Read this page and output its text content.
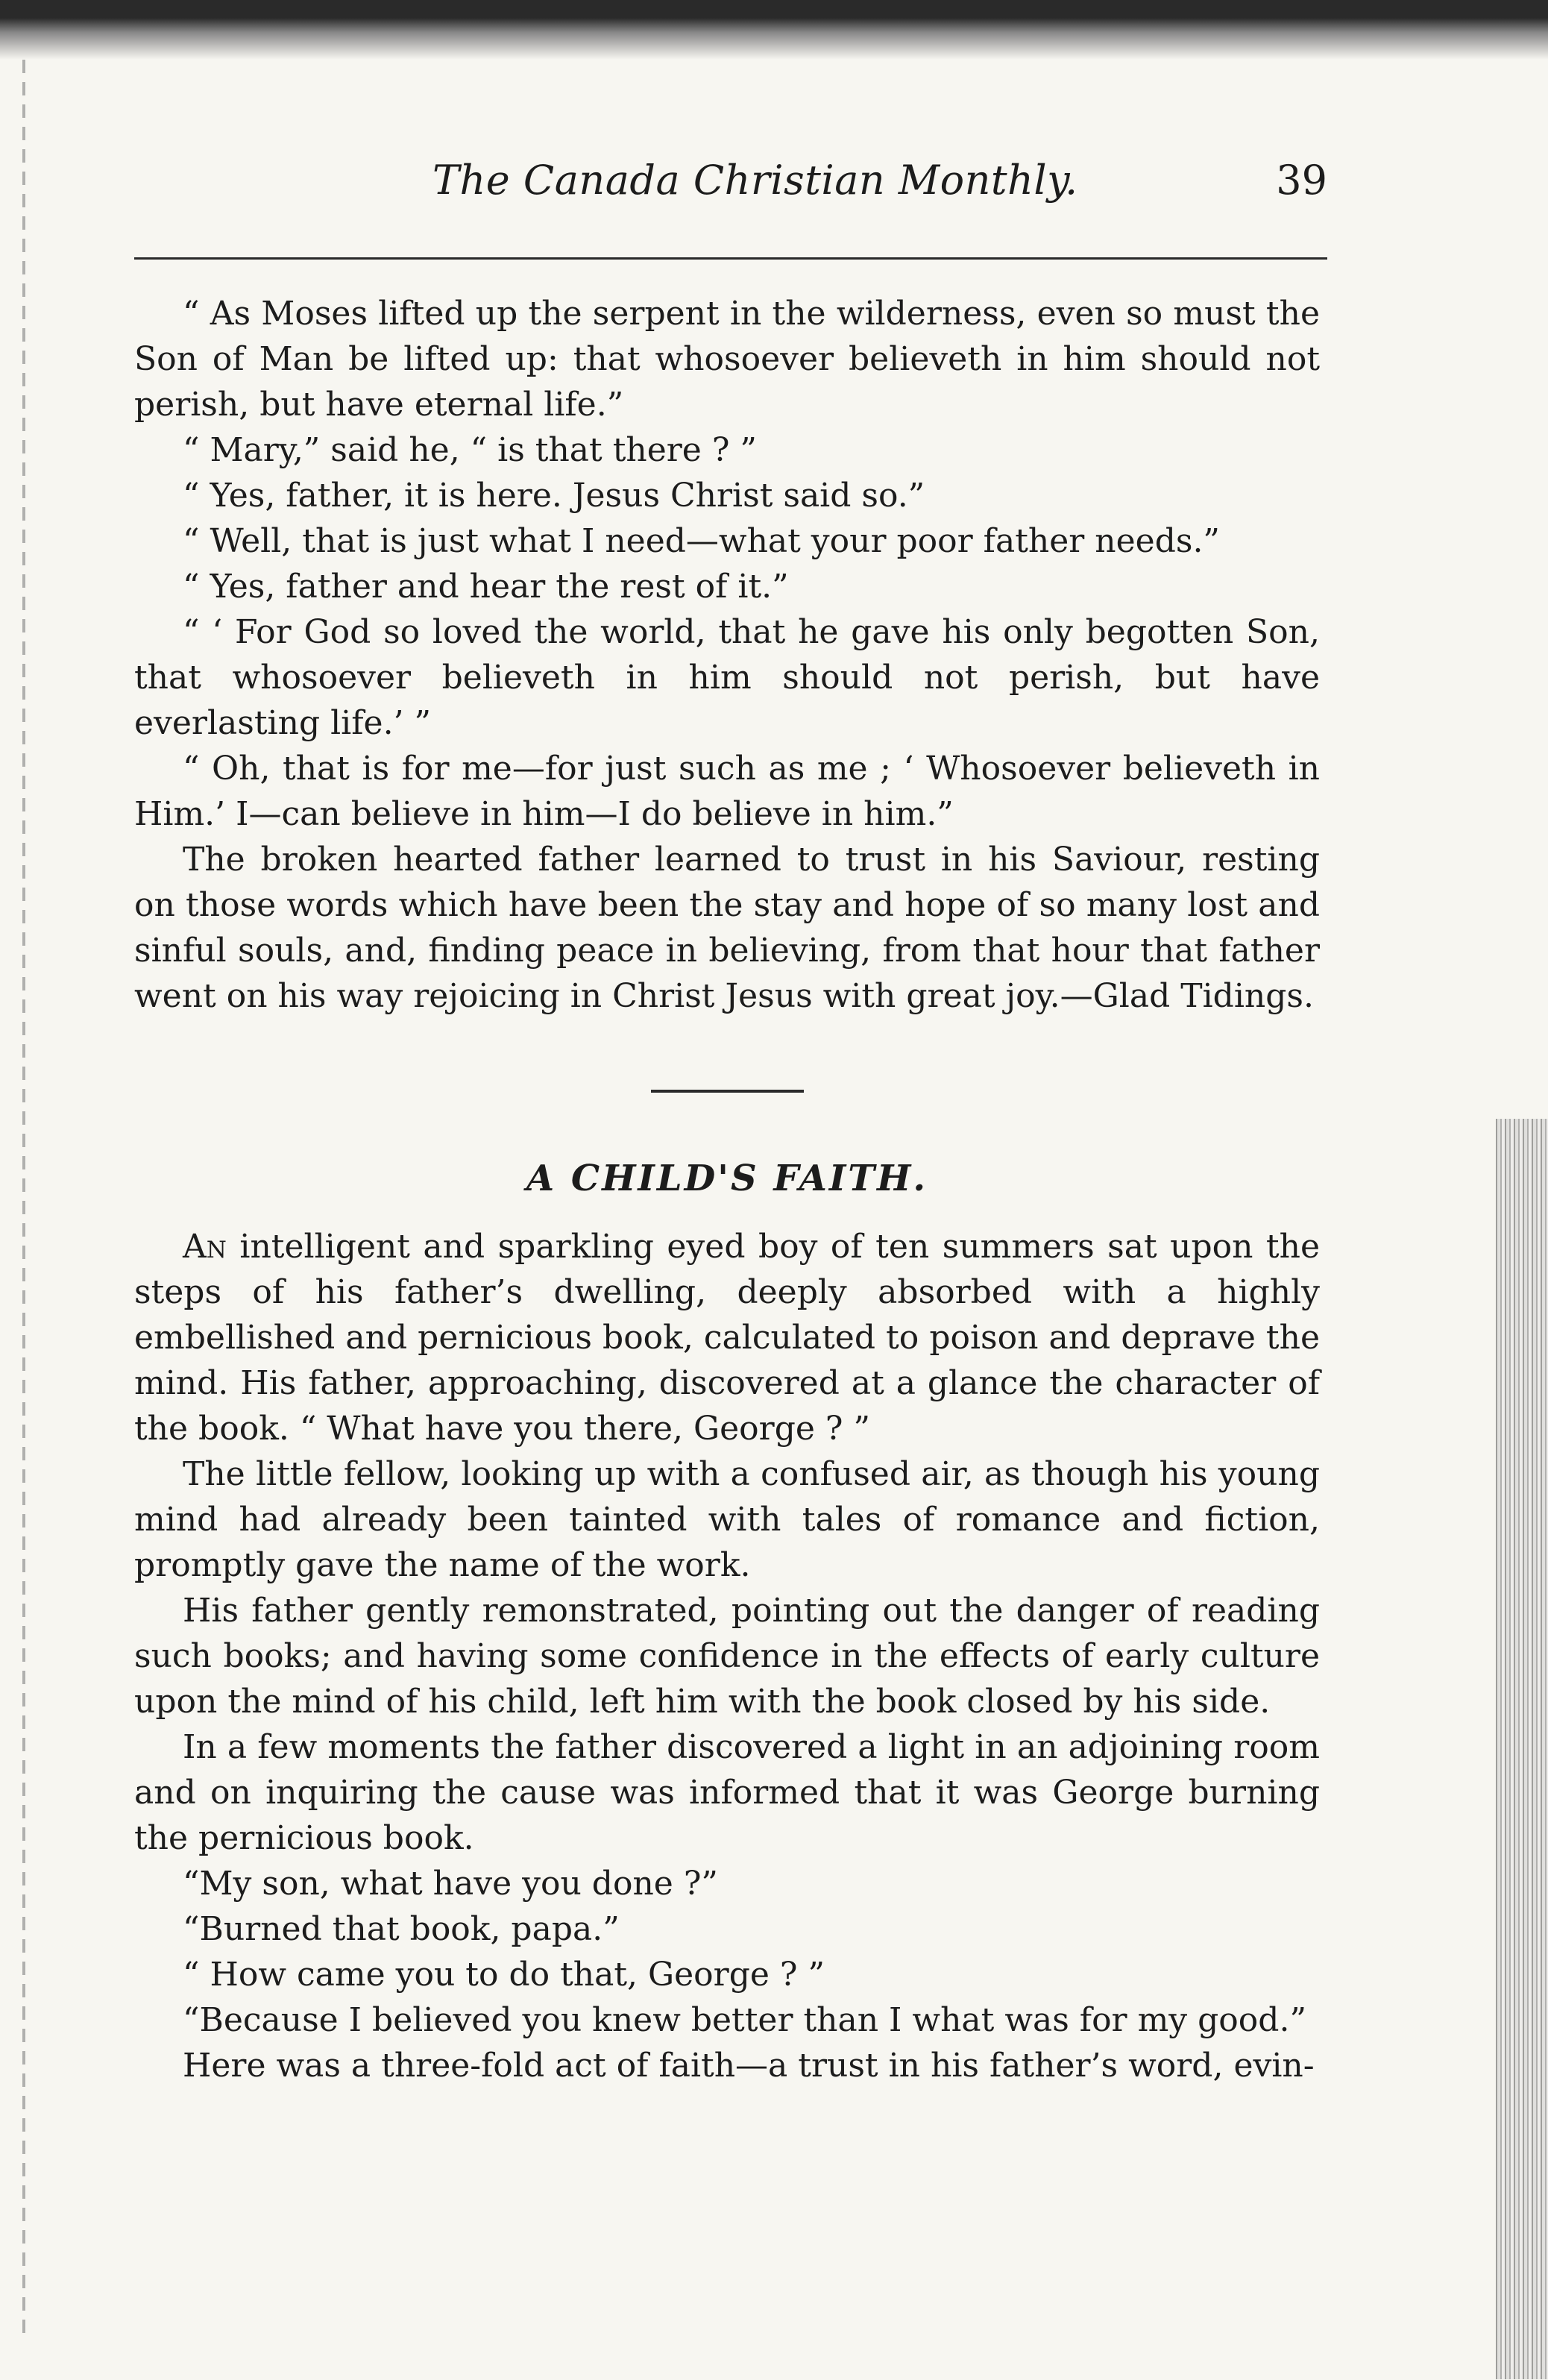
The Canada Christian Monthly.	39

“ As Moses lifted up the serpent in the wilderness, even so must the Son of Man be lifted up: that whosoever believeth in him should not perish, but have eternal life.”

“ Mary,” said he, “ is that there ? ”

“ Yes, father, it is here. Jesus Christ said so.”

“ Well, that is just what I need—what your poor father needs.”

“ Yes, father and hear the rest of it.”

“ ‘ For God so loved the world, that he gave his only begotten Son, that whosoever believeth in him should not perish, but have everlasting life.’ ”

“ Oh, that is for me—for just such as me ; ‘ Whosoever believeth in Him.’ I—can believe in him—I do believe in him.”

The broken hearted father learned to trust in his Saviour, resting on those words which have been the stay and hope of so many lost and sinful souls, and, finding peace in believing, from that hour that father went on his way rejoicing in Christ Jesus with great joy.—Glad Tidings.

A CHILD'S FAITH.

An intelligent and sparkling eyed boy of ten summers sat upon the steps of his father’s dwelling, deeply absorbed with a highly embellished and pernicious book, calculated to poison and deprave the mind. His father, approaching, discovered at a glance the character of the book. “ What have you there, George ? ”

The little fellow, looking up with a confused air, as though his young mind had already been tainted with tales of romance and fiction, promptly gave the name of the work.

His father gently remonstrated, pointing out the danger of reading such books; and having some confidence in the effects of early culture upon the mind of his child, left him with the book closed by his side.

In a few moments the father discovered a light in an adjoining room and on inquiring the cause was informed that it was George burning the pernicious book.

“My son, what have you done ?”

“Burned that book, papa.”

“ How came you to do that, George ? ”

“Because I believed you knew better than I what was for my good.”

Here was a three-fold act of faith—a trust in his father’s word, evin-
